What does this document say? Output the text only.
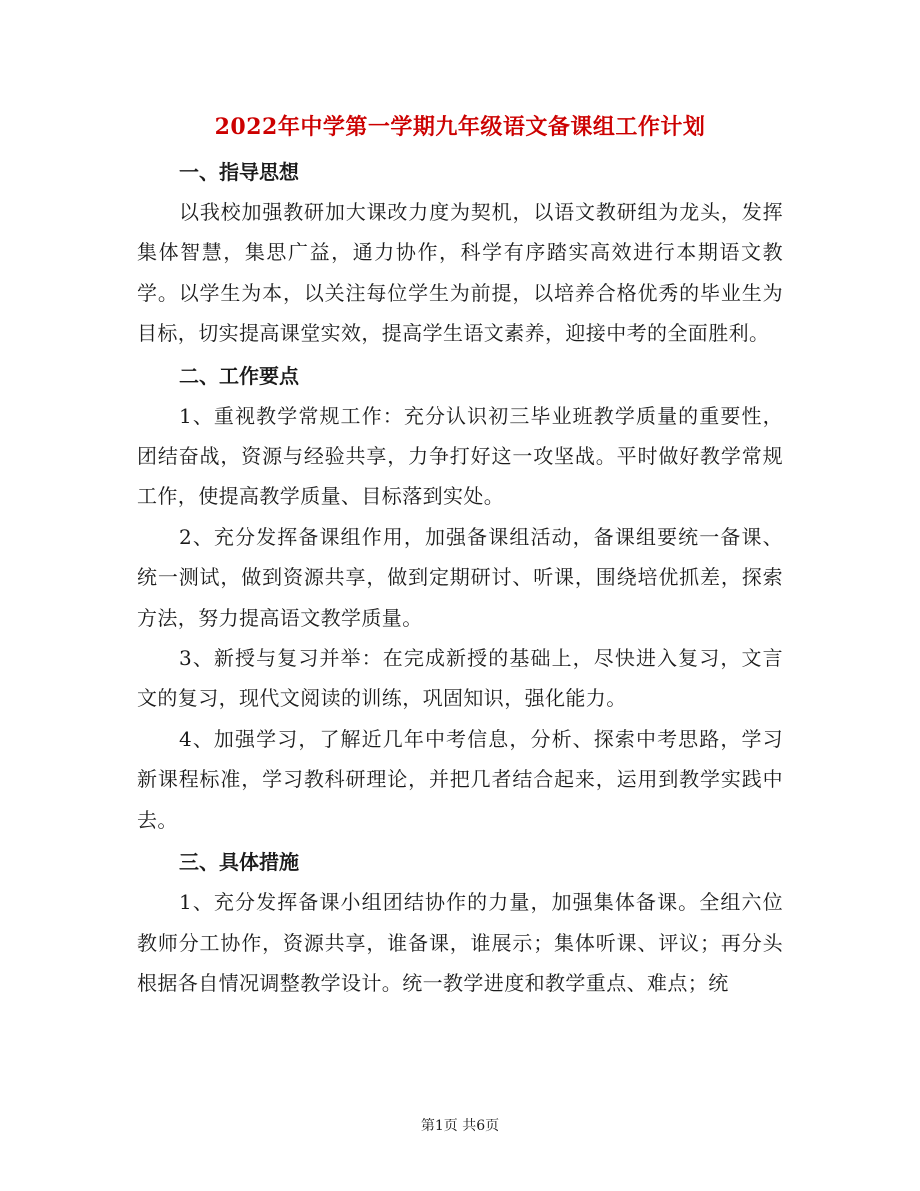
2022年中学第一学期九年级语文备课组工作计划
一、指导思想

以我校加强教研加大课改力度为契机，以语文教研组为龙头，发挥集体智慧，集思广益，通力协作，科学有序踏实高效进行本期语文教学。以学生为本，以关注每位学生为前提，以培养合格优秀的毕业生为目标，切实提高课堂实效，提高学生语文素养，迎接中考的全面胜利。

二、工作要点

1、重视教学常规工作：充分认识初三毕业班教学质量的重要性，团结奋战，资源与经验共享，力争打好这一攻坚战。平时做好教学常规工作，使提高教学质量、目标落到实处。

2、充分发挥备课组作用，加强备课组活动，备课组要统一备课、统一测试，做到资源共享，做到定期研讨、听课，围绕培优抓差，探索方法，努力提高语文教学质量。

3、新授与复习并举：在完成新授的基础上，尽快进入复习，文言文的复习，现代文阅读的训练，巩固知识，强化能力。

4、加强学习，了解近几年中考信息，分析、探索中考思路，学习新课程标准，学习教科研理论，并把几者结合起来，运用到教学实践中去。

三、具体措施

1、充分发挥备课小组团结协作的力量，加强集体备课。全组六位教师分工协作，资源共享，谁备课，谁展示；集体听课、评议；再分头根据各自情况调整教学设计。统一教学进度和教学重点、难点；统

第1页 共6页
